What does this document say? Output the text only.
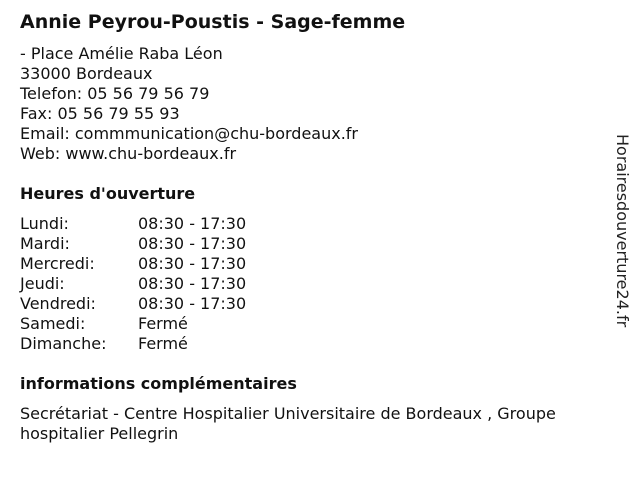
Annie Peyrou-Poustis - Sage-femme
- Place Amélie Raba Léon
33000 Bordeaux
Telefon: 05 56 79 56 79
Fax: 05 56 79 55 93
Email: commmunication@chu-bordeaux.fr
Web: www.chu-bordeaux.fr
Heures d'ouverture
Lundi:	08:30 - 17:30
Mardi:	08:30 - 17:30
Mercredi:	08:30 - 17:30
Jeudi:	08:30 - 17:30
Vendredi:	08:30 - 17:30
Samedi:	Fermé
Dimanche:	Fermé
informations complémentaires
Secrétariat - Centre Hospitalier Universitaire de Bordeaux , Groupe hospitalier Pellegrin
Horairesdouverture24.fr
